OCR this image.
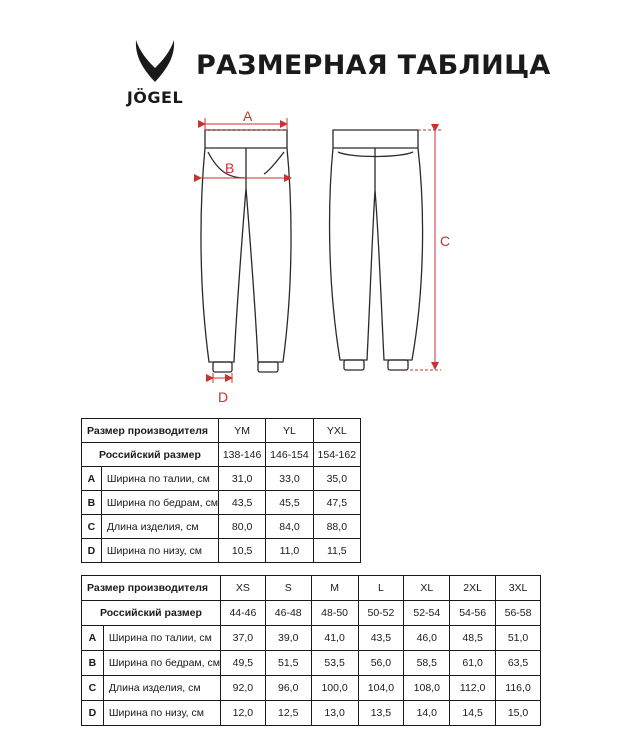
JÖGEL
РАЗМЕРНАЯ ТАБЛИЦА
A
B
C
D
Размер производителя		YM	YL	YXL
Российский размер		138-146	146-154	154-162
A	Ширина по талии, см	31,0	33,0	35,0
B	Ширина по бедрам, см	43,5	45,5	47,5
C	Длина изделия, см	80,0	84,0	88,0
D	Ширина по низу, см	10,5	11,0	11,5
Размер производителя		XS	S	M	L	XL	2XL	3XL
Российский размер		44-46	46-48	48-50	50-52	52-54	54-56	56-58
A	Ширина по талии, см	37,0	39,0	41,0	43,5	46,0	48,5	51,0
B	Ширина по бедрам, см	49,5	51,5	53,5	56,0	58,5	61,0	63,5
C	Длина изделия, см	92,0	96,0	100,0	104,0	108,0	112,0	116,0
D	Ширина по низу, см	12,0	12,5	13,0	13,5	14,0	14,5	15,0
